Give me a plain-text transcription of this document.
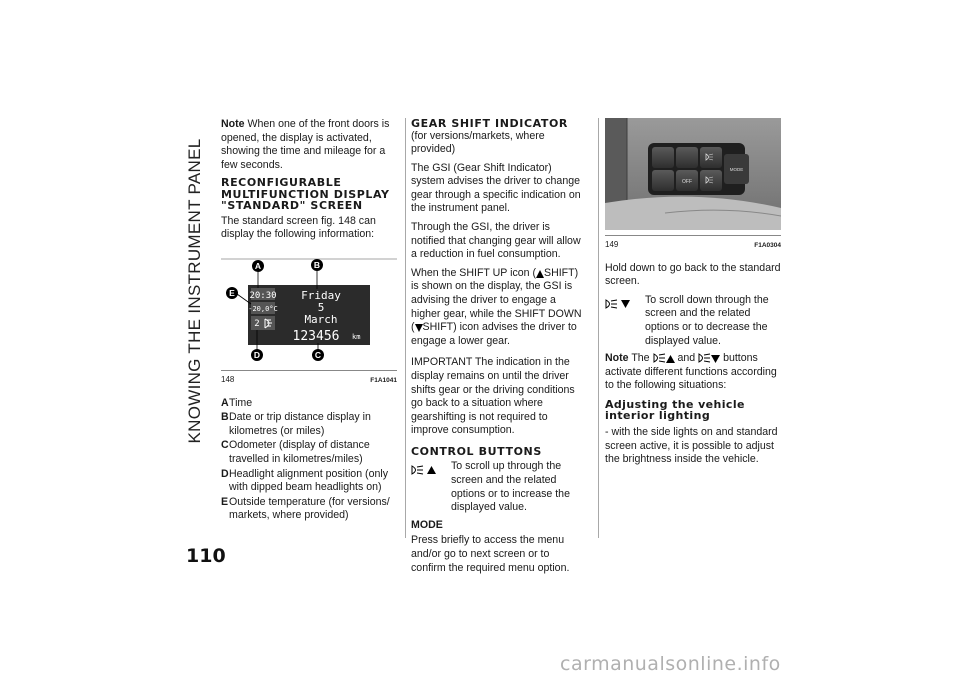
KNOWING THE INSTRUMENT PANEL

Note When one of the front doors is opened, the display is activated, showing the time and mileage for a few seconds.

RECONFIGURABLE MULTIFUNCTION DISPLAY "STANDARD" SCREEN

The standard screen fig. 148 can display the following information:

20:30
-20,0°C
2
Friday
5
March
123456 km
A	B
C
D
E
148	F1A1041
A Time
B Date or trip distance display in kilometres (or miles)
C Odometer (display of distance travelled in kilometres/miles)
D Headlight alignment position (only with dipped beam headlights on)
E Outside temperature (for versions/ markets, where provided)
GEAR SHIFT INDICATOR

(for versions/markets, where provided)

The GSI (Gear Shift Indicator) system advises the driver to change gear through a specific indication on the instrument panel.

Through the GSI, the driver is notified that changing gear will allow a reduction in fuel consumption.

When the SHIFT UP icon ( SHIFT) is shown on the display, the GSI is advising the driver to engage a higher gear, while the SHIFT DOWN ( SHIFT) icon advises the driver to engage a lower gear.

IMPORTANT The indication in the display remains on until the driver shifts gear or the driving conditions go back to a situation where gearshifting is not required to improve consumption.

CONTROL BUTTONS
To scroll up through the screen and the related options or to increase the displayed value.
MODE

Press briefly to access the menu and/or go to next screen or to confirm the required menu option.

MODE
OFF
149	F1A0304

Hold down to go back to the standard screen.

To scroll down through the screen and the related options or to decrease the displayed value.

Note The	and	buttons activate different functions according to the following situations:

Adjusting the vehicle interior lighting

- with the side lights on and standard screen active, it is possible to adjust the brightness inside the vehicle.

110
carmanualsonline.info
